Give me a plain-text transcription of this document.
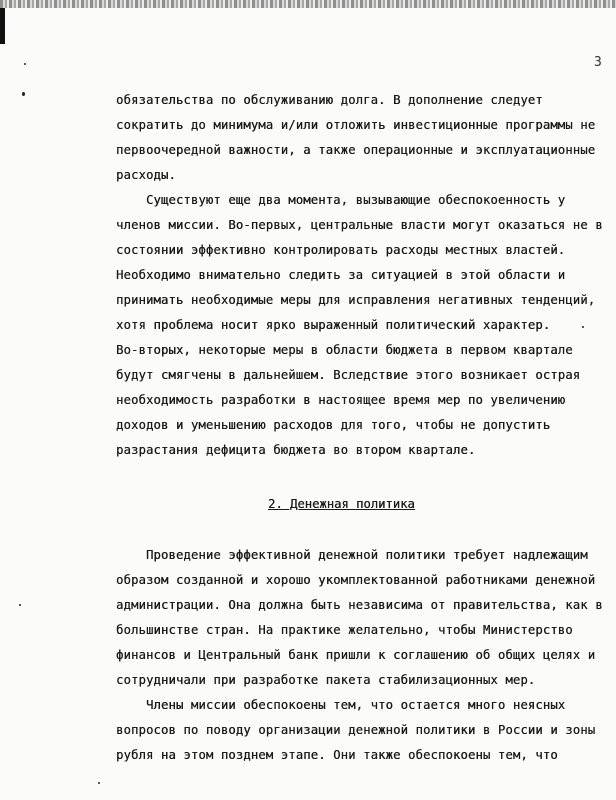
3
обязательства по обслуживанию долга. В дополнение следует
сократить до минимума и/или отложить инвестиционные программы не
первоочередной важности, а также операционные и эксплуатационные
расходы.
Существуют еще два момента, вызывающие обеспокоенность у
членов миссии. Во-первых, центральные власти могут оказаться не в
состоянии эффективно контролировать расходы местных властей.
Необходимо внимательно следить за ситуацией в этой области и
принимать необходимые меры для исправления негативных тенденций,
хотя проблема носит ярко выраженный политический характер.
Во-вторых, некоторые меры в области бюджета в первом квартале
будут смягчены в дальнейшем. Вследствие этого возникает острая
необходимость разработки в настоящее время мер по увеличению
доходов и уменьшению расходов для того, чтобы не допустить
разрастания дефицита бюджета во втором квартале.
2. Денежная политика
Проведение эффективной денежной политики требует надлежащим
образом созданной и хорошо укомплектованной работниками денежной
администрации. Она должна быть независима от правительства, как в
большинстве стран. На практике желательно, чтобы Министерство
финансов и Центральный банк пришли к соглашению об общих целях и
сотрудничали при разработке пакета стабилизационных мер.
Члены миссии обеспокоены тем, что остается много неясных
вопросов по поводу организации денежной политики в России и зоны
рубля на этом позднем этапе. Они также обеспокоены тем, что
